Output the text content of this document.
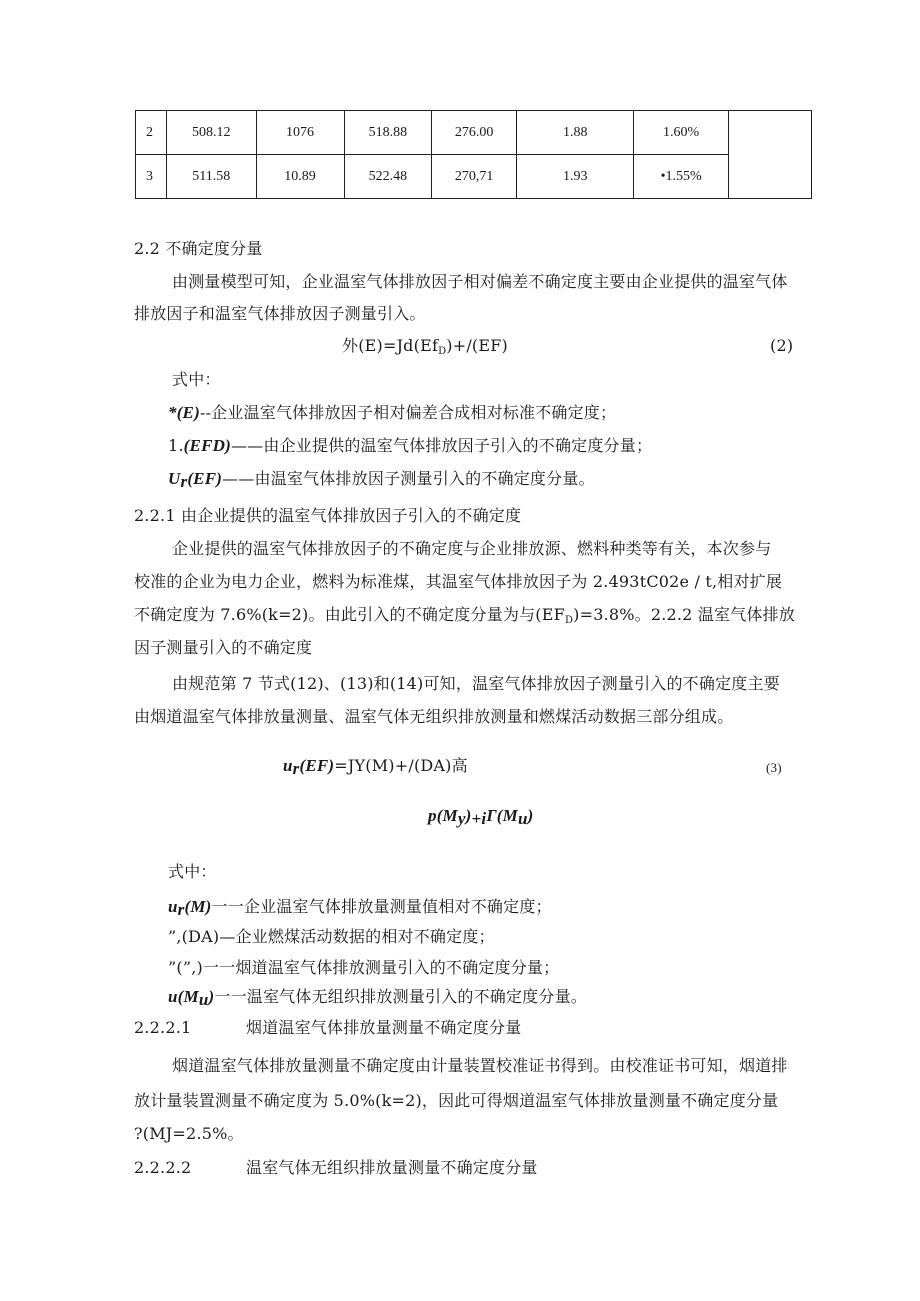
2	508.12	1076	518.88	276.00	1.88	1.60%	
3	511.58	10.89	522.48	270,71	1.93	•1.55%	
2.2 不确定度分量
由测量模型可知，企业温室气体排放因子相对偏差不确定度主要由企业提供的温室气体
排放因子和温室气体排放因子测量引入。
外$(E)=Jd(Ef_D)+/(EF)$	(2)
式中：
*(E)--企业温室气体排放因子相对偏差合成相对标准不确定度；
1.(EFD)——由企业提供的温室气体排放因子引入的不确定度分量；
$U_r(EF)——$由温室气体排放因子测量引入的不确定度分量。
2.2.1 由企业提供的温室气体排放因子引入的不确定度
企业提供的温室气体排放因子的不确定度与企业排放源、燃料种类等有关，本次参与
校准的企业为电力企业，燃料为标准煤，其温室气体排放因子为 2.493tC02e / t,相对扩展
不确定度为 7.6%(k=2)。由此引入的不确定度分量为与$(EF_D)=3.8\%$。2.2.2 温室气体排放
因子测量引入的不确定度
由规范第 7 节式(12)、(13)和(14)可知，温室气体排放因子测量引入的不确定度主要
由烟道温室气体排放量测量、温室气体无组织排放测量和燃煤活动数据三部分组成。
$u_r(EF)=JY(M)+/(DA)$高	(3)
$p(M_y)_{+i}\Gamma(M_u)$
式中：
$u_r(M)$一一企业温室气体排放量测量值相对不确定度；
”,(DA)—企业燃煤活动数据的相对不确定度；
”(”,)一一烟道温室气体排放测量引入的不确定度分量；
$u(M_u)$一一温室气体无组织排放测量引入的不确定度分量。
2.2.2.1	烟道温室气体排放量测量不确定度分量
烟道温室气体排放量测量不确定度由计量装置校准证书得到。由校准证书可知，烟道排
放计量装置测量不确定度为 5.0%(k=2)，因此可得烟道温室气体排放量测量不确定度分量
?(MJ=2.5%。
2.2.2.2	温室气体无组织排放量测量不确定度分量
